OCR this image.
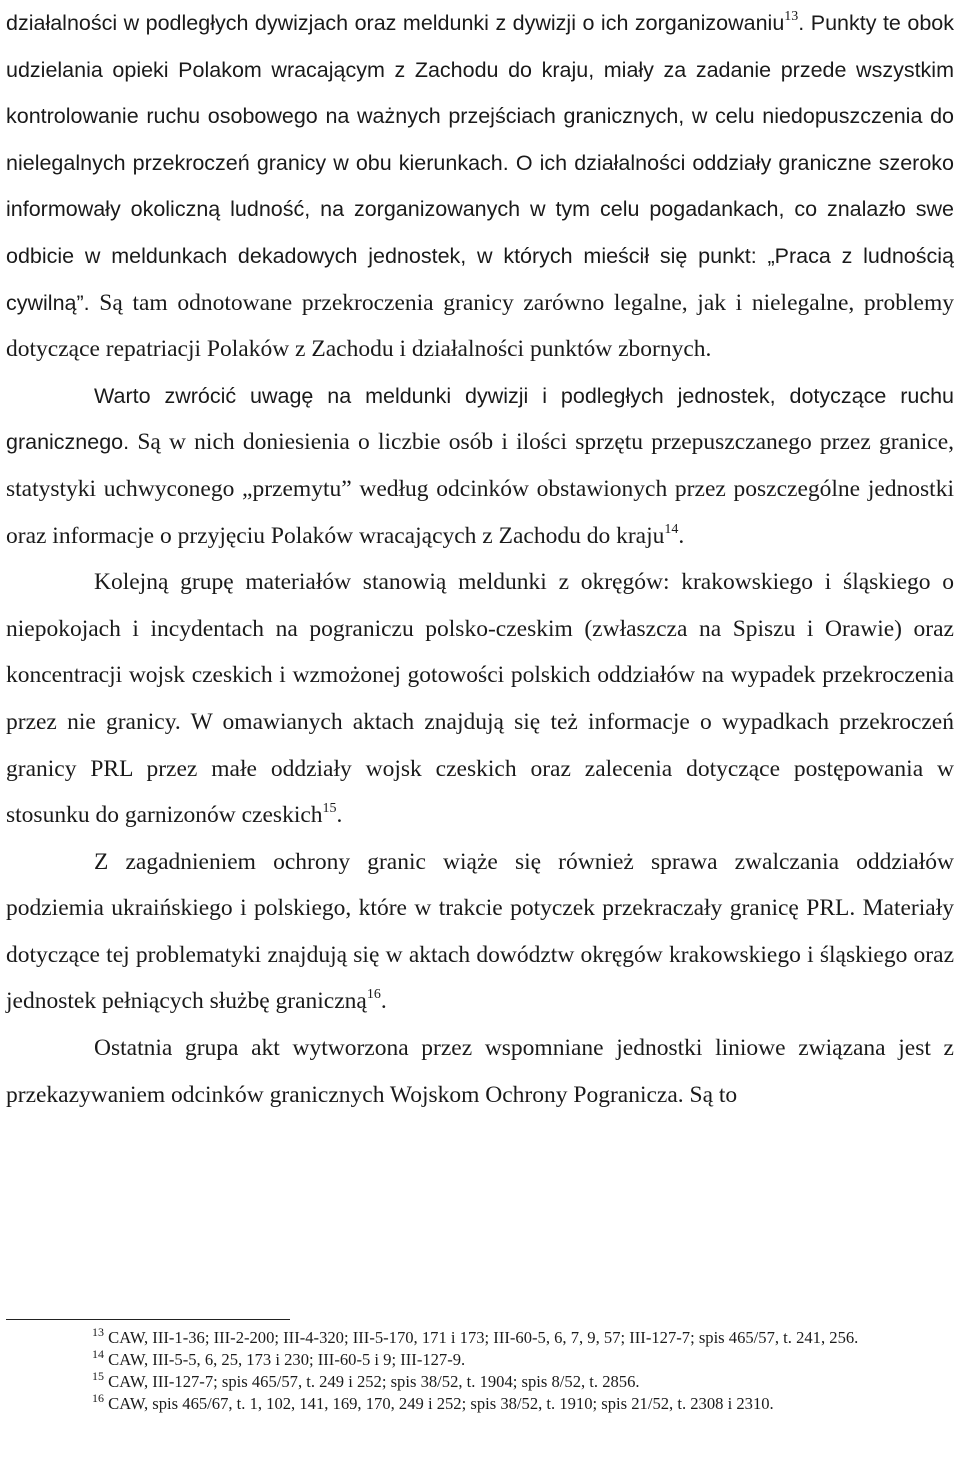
działalności w podległych dywizjach oraz meldunki z dywizji o ich zorganizowaniu$^{13}$. Punkty te obok udzielania opieki Polakom wracającym z Zachodu do kraju, miały za zadanie przede wszystkim kontrolowanie ruchu osobowego na ważnych przejściach granicznych, w celu niedopuszczenia do nielegalnych przekroczeń granicy w obu kierunkach. O ich działalności oddziały graniczne szeroko informowały okoliczną ludność, na zorganizowanych w tym celu pogadankach, co znalazło swe odbicie w meldunkach dekadowych jednostek, w których mieścił się punkt: „Praca z ludnością cywilną”. Są tam odnotowane przekroczenia granicy zarówno legalne, jak i nielegalne, problemy dotyczące repatriacji Polaków z Zachodu i działalności punktów zbornych.

Warto zwrócić uwagę na meldunki dywizji i podległych jednostek, dotyczące ruchu granicznego. Są w nich doniesienia o liczbie osób i ilości sprzętu przepuszczanego przez granice, statystyki uchwyconego „przemytu” według odcinków obstawionych przez poszczególne jednostki oraz informacje o przyjęciu Polaków wracających z Zachodu do kraju$^{14}$.

Kolejną grupę materiałów stanowią meldunki z okręgów: krakowskiego i śląskiego o niepokojach i incydentach na pograniczu polsko-czeskim (zwłaszcza na Spiszu i Orawie) oraz koncentracji wojsk czeskich i wzmożonej gotowości polskich oddziałów na wypadek przekroczenia przez nie granicy. W omawianych aktach znajdują się też informacje o wypadkach przekroczeń granicy PRL przez małe oddziały wojsk czeskich oraz zalecenia dotyczące postępowania w stosunku do garnizonów czeskich$^{15}$.

Z zagadnieniem ochrony granic wiąże się również sprawa zwalczania oddziałów podziemia ukraińskiego i polskiego, które w trakcie potyczek przekraczały granicę PRL. Materiały dotyczące tej problematyki znajdują się w aktach dowództw okręgów krakowskiego i śląskiego oraz jednostek pełniących służbę graniczną$^{16}$.

Ostatnia grupa akt wytworzona przez wspomniane jednostki liniowe związana jest z przekazywaniem odcinków granicznych Wojskom Ochrony Pogranicza. Są to

$^{13}$ CAW, III-1-36; III-2-200; III-4-320; III-5-170, 171 i 173; III-60-5, 6, 7, 9, 57; III-127-7; spis 465/57, t. 241, 256.

$^{14}$ CAW, III-5-5, 6, 25, 173 i 230; III-60-5 i 9; III-127-9.

$^{15}$ CAW, III-127-7; spis 465/57, t. 249 i 252; spis 38/52, t. 1904; spis 8/52, t. 2856.

$^{16}$ CAW, spis 465/67, t. 1, 102, 141, 169, 170, 249 i 252; spis 38/52, t. 1910; spis 21/52, t. 2308 i 2310.
